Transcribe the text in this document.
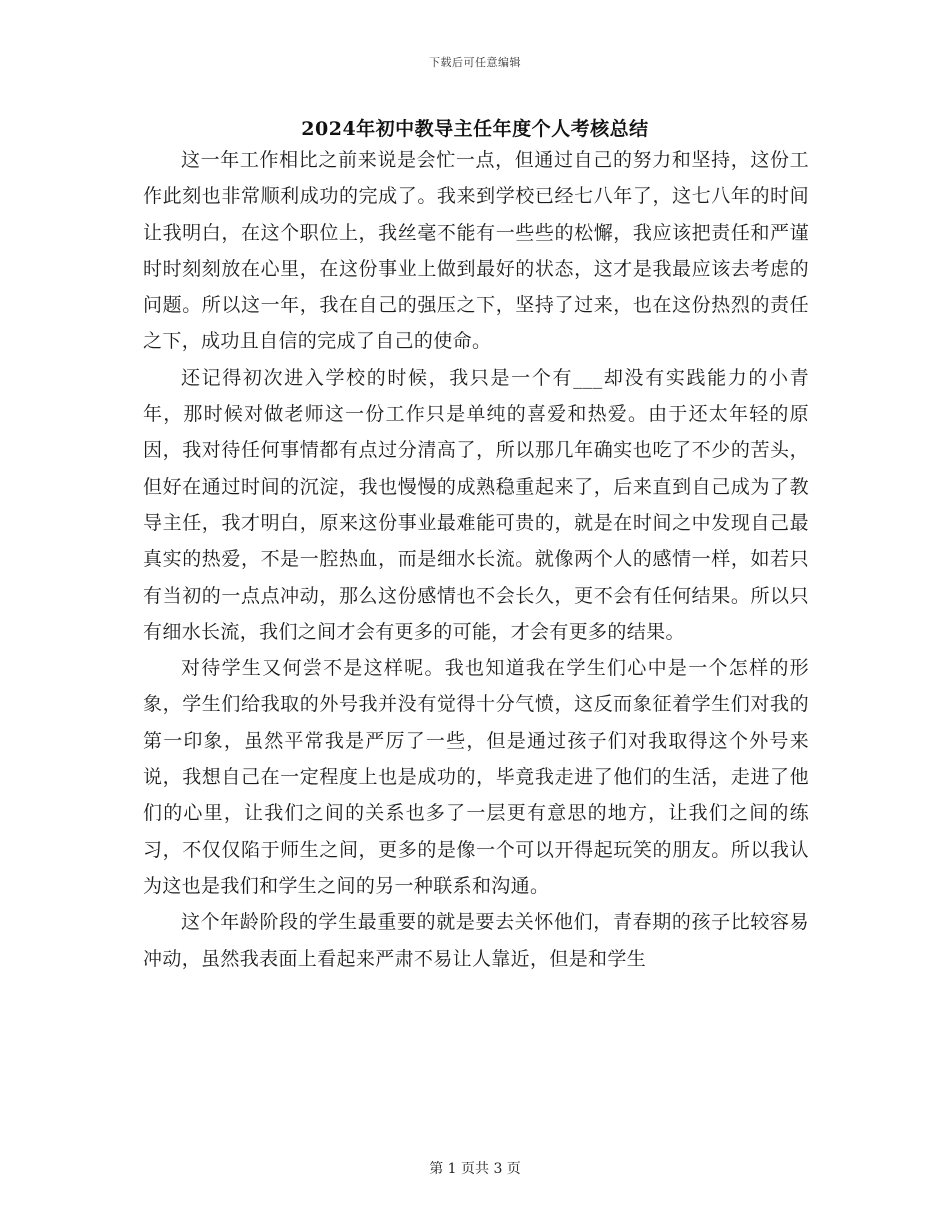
下载后可任意编辑
2024年初中教导主任年度个人考核总结

这一年工作相比之前来说是会忙一点，但通过自己的努力和坚持，这份工作此刻也非常顺利成功的完成了。我来到学校已经七八年了，这七八年的时间让我明白，在这个职位上，我丝毫不能有一些些的松懈，我应该把责任和严谨时时刻刻放在心里，在这份事业上做到最好的状态，这才是我最应该去考虑的问题。所以这一年，我在自己的强压之下，坚持了过来，也在这份热烈的责任之下，成功且自信的完成了自己的使命。

还记得初次进入学校的时候，我只是一个有___却没有实践能力的小青年，那时候对做老师这一份工作只是单纯的喜爱和热爱。由于还太年轻的原因，我对待任何事情都有点过分清高了，所以那几年确实也吃了不少的苦头，但好在通过时间的沉淀，我也慢慢的成熟稳重起来了，后来直到自己成为了教导主任，我才明白，原来这份事业最难能可贵的，就是在时间之中发现自己最真实的热爱，不是一腔热血，而是细水长流。就像两个人的感情一样，如若只有当初的一点点冲动，那么这份感情也不会长久，更不会有任何结果。所以只有细水长流，我们之间才会有更多的可能，才会有更多的结果。

对待学生又何尝不是这样呢。我也知道我在学生们心中是一个怎样的形象，学生们给我取的外号我并没有觉得十分气愤，这反而象征着学生们对我的第一印象，虽然平常我是严厉了一些，但是通过孩子们对我取得这个外号来说，我想自己在一定程度上也是成功的，毕竟我走进了他们的生活，走进了他们的心里，让我们之间的关系也多了一层更有意思的地方，让我们之间的练习，不仅仅陷于师生之间，更多的是像一个可以开得起玩笑的朋友。所以我认为这也是我们和学生之间的另一种联系和沟通。

这个年龄阶段的学生最重要的就是要去关怀他们，青春期的孩子比较容易冲动，虽然我表面上看起来严肃不易让人靠近，但是和学生

第 1 页共 3 页
